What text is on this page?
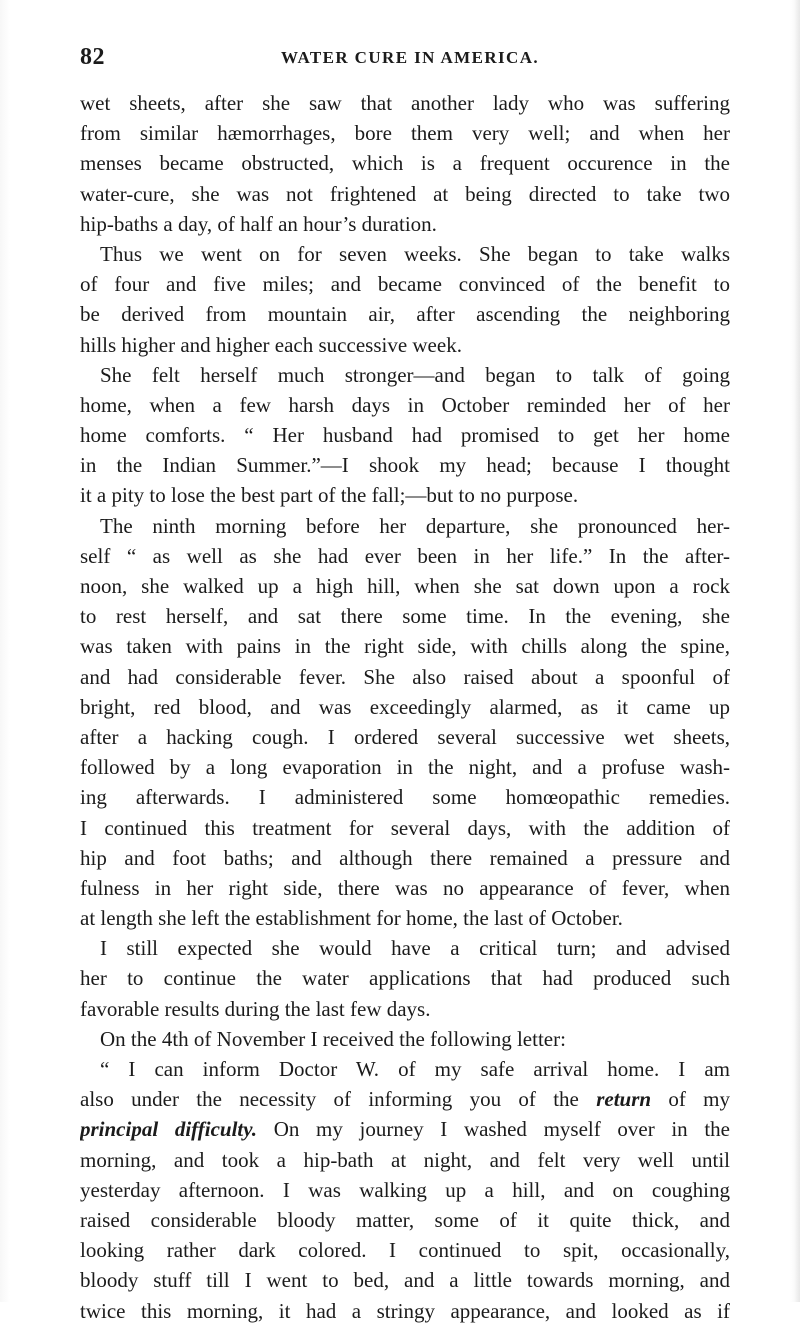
82	WATER CURE IN AMERICA.
wet sheets, after she saw that another lady who was suffering
from similar hæmorrhages, bore them very well; and when her
menses became obstructed, which is a frequent occurence in the
water-cure, she was not frightened at being directed to take two
hip-baths a day, of half an hour’s duration.
Thus we went on for seven weeks. She began to take walks
of four and five miles; and became convinced of the benefit to
be derived from mountain air, after ascending the neighboring
hills higher and higher each successive week.
She felt herself much stronger—and began to talk of going
home, when a few harsh days in October reminded her of her
home comforts. “ Her husband had promised to get her home
in the Indian Summer.”—I shook my head; because I thought
it a pity to lose the best part of the fall;—but to no purpose.
The ninth morning before her departure, she pronounced her-
self “ as well as she had ever been in her life.” In the after-
noon, she walked up a high hill, when she sat down upon a rock
to rest herself, and sat there some time. In the evening, she
was taken with pains in the right side, with chills along the spine,
and had considerable fever. She also raised about a spoonful of
bright, red blood, and was exceedingly alarmed, as it came up
after a hacking cough. I ordered several successive wet sheets,
followed by a long evaporation in the night, and a profuse wash-
ing afterwards. I administered some homœopathic remedies.
I continued this treatment for several days, with the addition of
hip and foot baths; and although there remained a pressure and
fulness in her right side, there was no appearance of fever, when
at length she left the establishment for home, the last of October.
I still expected she would have a critical turn; and advised
her to continue the water applications that had produced such
favorable results during the last few days.
On the 4th of November I received the following letter:
“ I can inform Doctor W. of my safe arrival home. I am
also under the necessity of informing you of the return of my
principal difficulty. On my journey I washed myself over in the
morning, and took a hip-bath at night, and felt very well until
yesterday afternoon. I was walking up a hill, and on coughing
raised considerable bloody matter, some of it quite thick, and
looking rather dark colored. I continued to spit, occasionally,
bloody stuff till I went to bed, and a little towards morning, and
twice this morning, it had a stringy appearance, and looked as if
